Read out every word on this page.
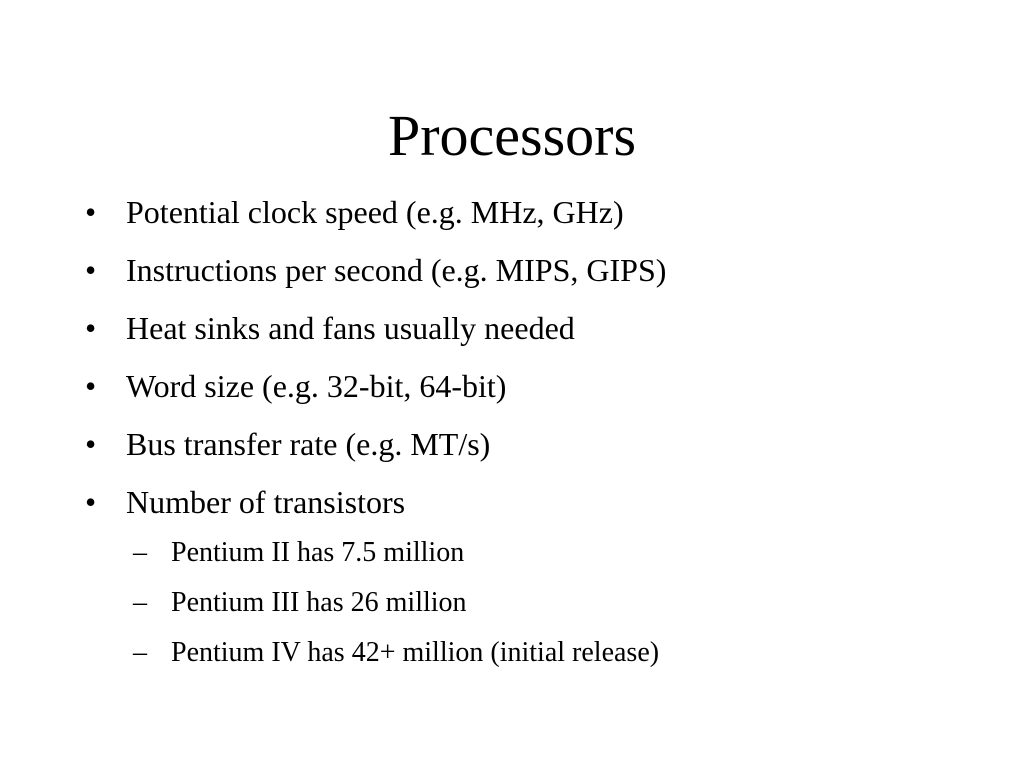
Processors
• Potential clock speed (e.g. MHz, GHz)
• Instructions per second (e.g. MIPS, GIPS)
• Heat sinks and fans usually needed
• Word size (e.g. 32-bit, 64-bit)
• Bus transfer rate (e.g. MT/s)
• Number of transistors
– Pentium II has 7.5 million
– Pentium III has 26 million
– Pentium IV has 42+ million (initial release)
